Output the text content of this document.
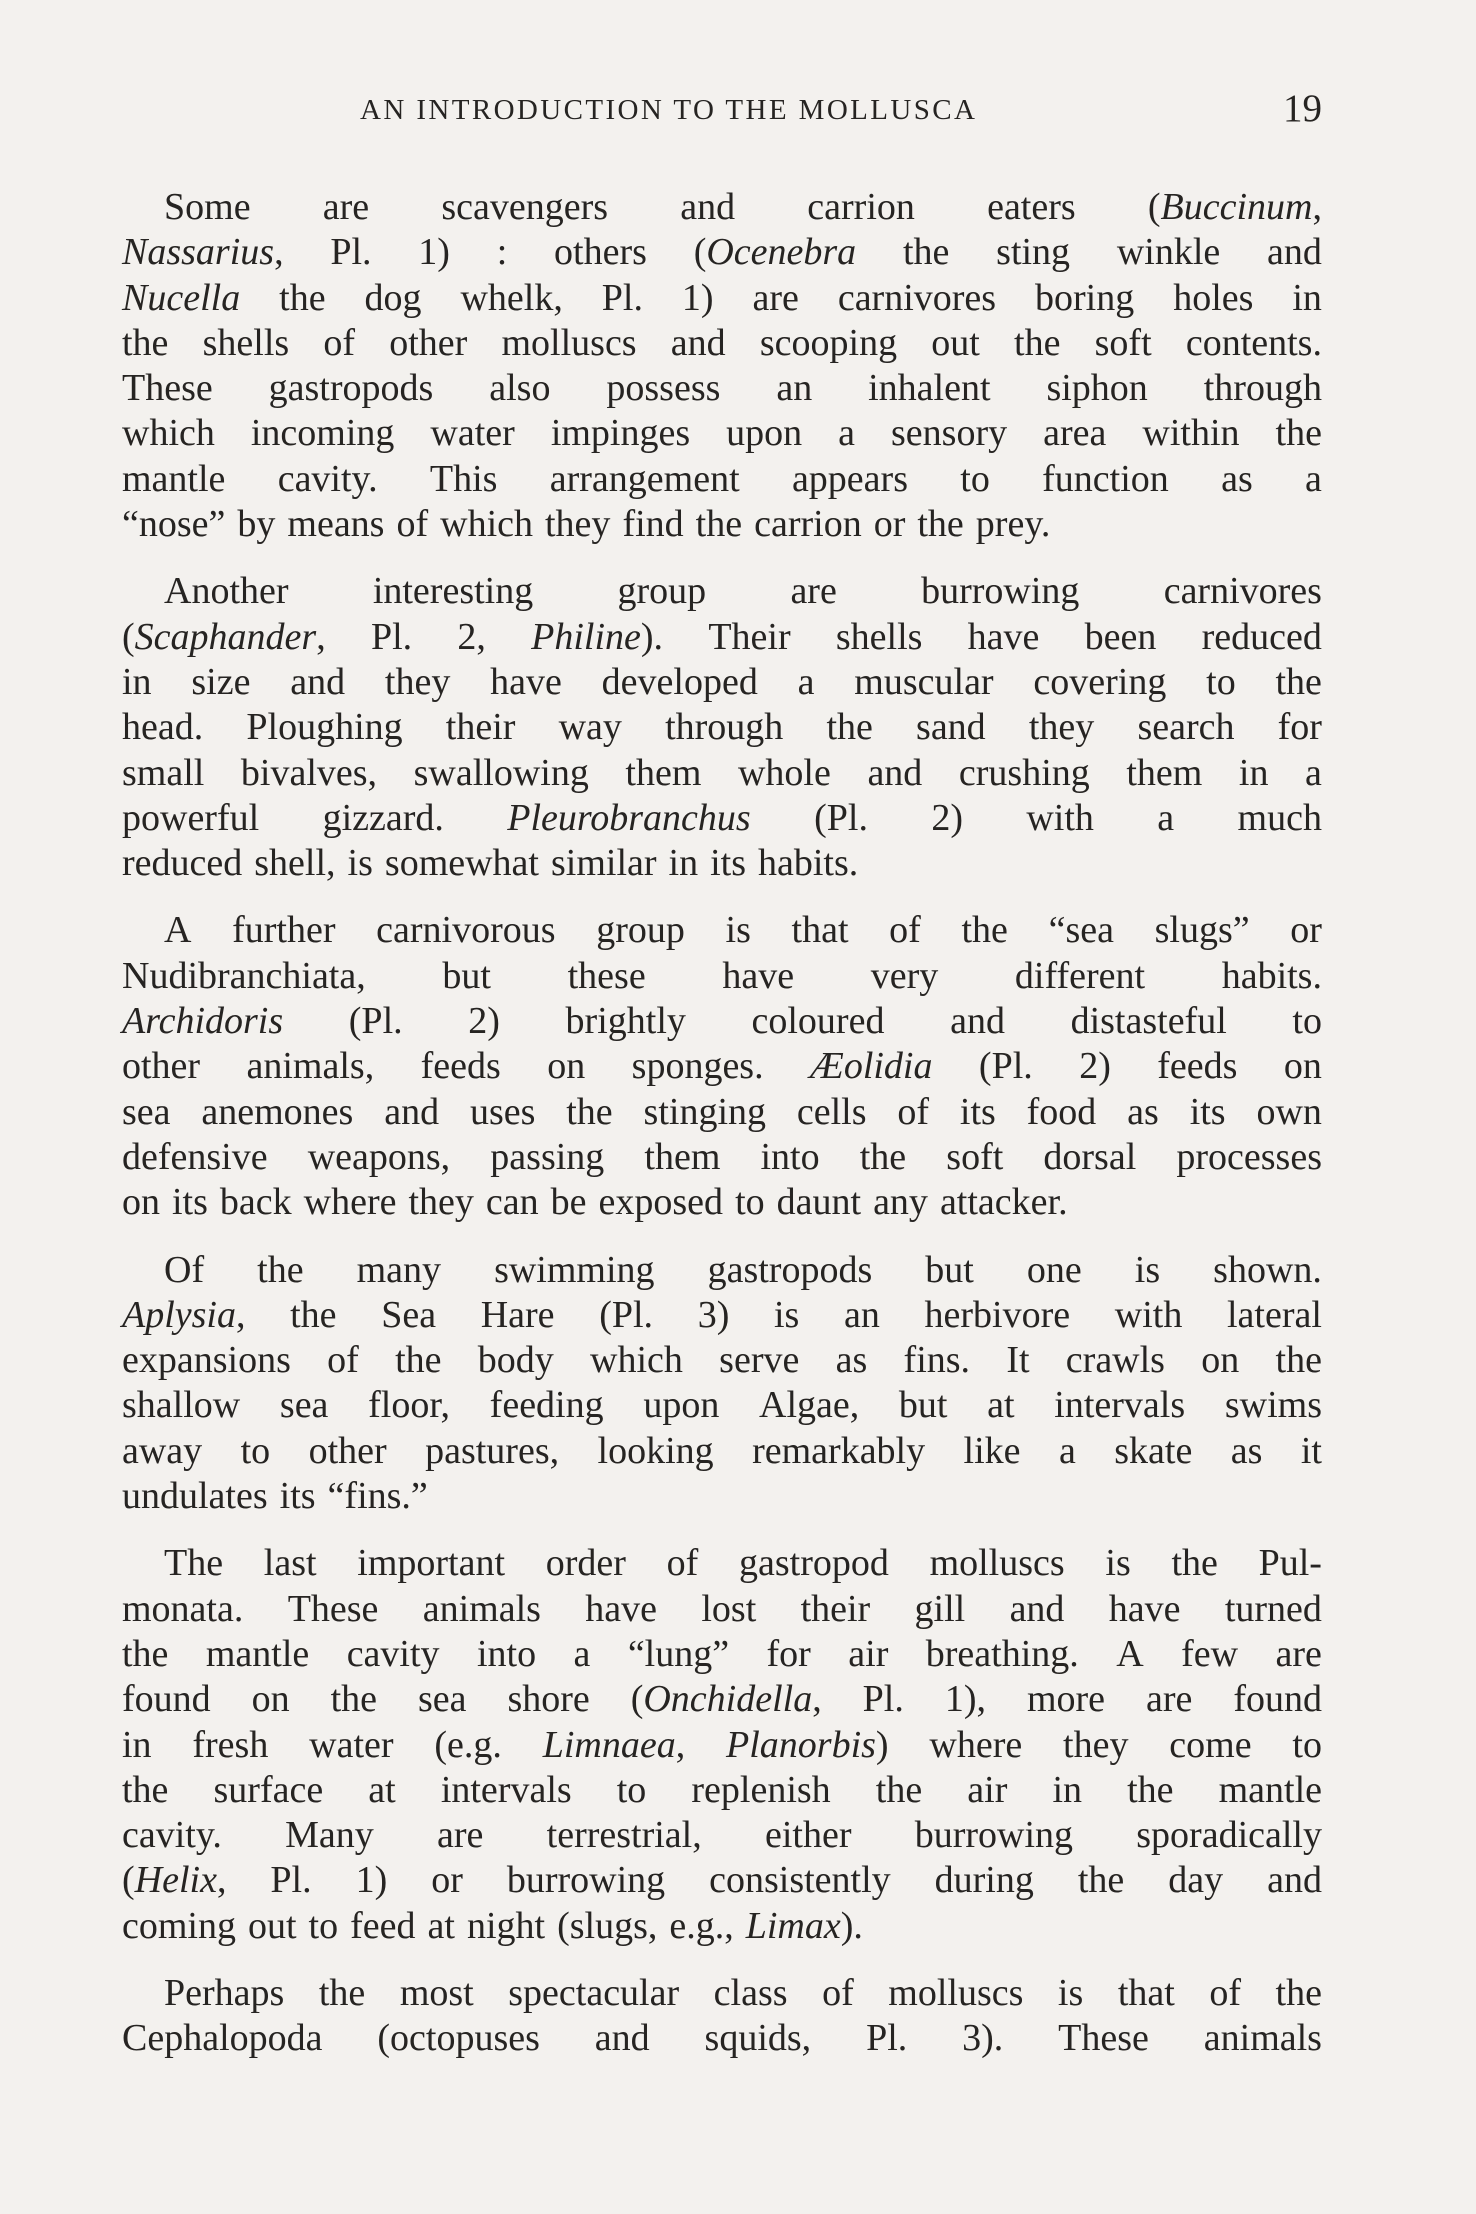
AN INTRODUCTION TO THE MOLLUSCA	19
Some are scavengers and carrion eaters (Buccinum,
Nassarius, Pl. 1) : others (Ocenebra the sting winkle and
Nucella the dog whelk, Pl. 1) are carnivores boring holes in
the shells of other molluscs and scooping out the soft contents.
These gastropods also possess an inhalent siphon through
which incoming water impinges upon a sensory area within the
mantle cavity. This arrangement appears to function as a
“nose” by means of which they find the carrion or the prey.
Another interesting group are burrowing carnivores
(Scaphander, Pl. 2, Philine). Their shells have been reduced
in size and they have developed a muscular covering to the
head. Ploughing their way through the sand they search for
small bivalves, swallowing them whole and crushing them in a
powerful gizzard. Pleurobranchus (Pl. 2) with a much
reduced shell, is somewhat similar in its habits.
A further carnivorous group is that of the “sea slugs” or
Nudibranchiata, but these have very different habits.
Archidoris (Pl. 2) brightly coloured and distasteful to
other animals, feeds on sponges. Æolidia (Pl. 2) feeds on
sea anemones and uses the stinging cells of its food as its own
defensive weapons, passing them into the soft dorsal processes
on its back where they can be exposed to daunt any attacker.
Of the many swimming gastropods but one is shown.
Aplysia, the Sea Hare (Pl. 3) is an herbivore with lateral
expansions of the body which serve as fins. It crawls on the
shallow sea floor, feeding upon Algae, but at intervals swims
away to other pastures, looking remarkably like a skate as it
undulates its “fins.”
The last important order of gastropod molluscs is the Pul-
monata. These animals have lost their gill and have turned
the mantle cavity into a “lung” for air breathing. A few are
found on the sea shore (Onchidella, Pl. 1), more are found
in fresh water (e.g. Limnaea, Planorbis) where they come to
the surface at intervals to replenish the air in the mantle
cavity. Many are terrestrial, either burrowing sporadically
(Helix, Pl. 1) or burrowing consistently during the day and
coming out to feed at night (slugs, e.g., Limax).
Perhaps the most spectacular class of molluscs is that of the
Cephalopoda (octopuses and squids, Pl. 3). These animals
